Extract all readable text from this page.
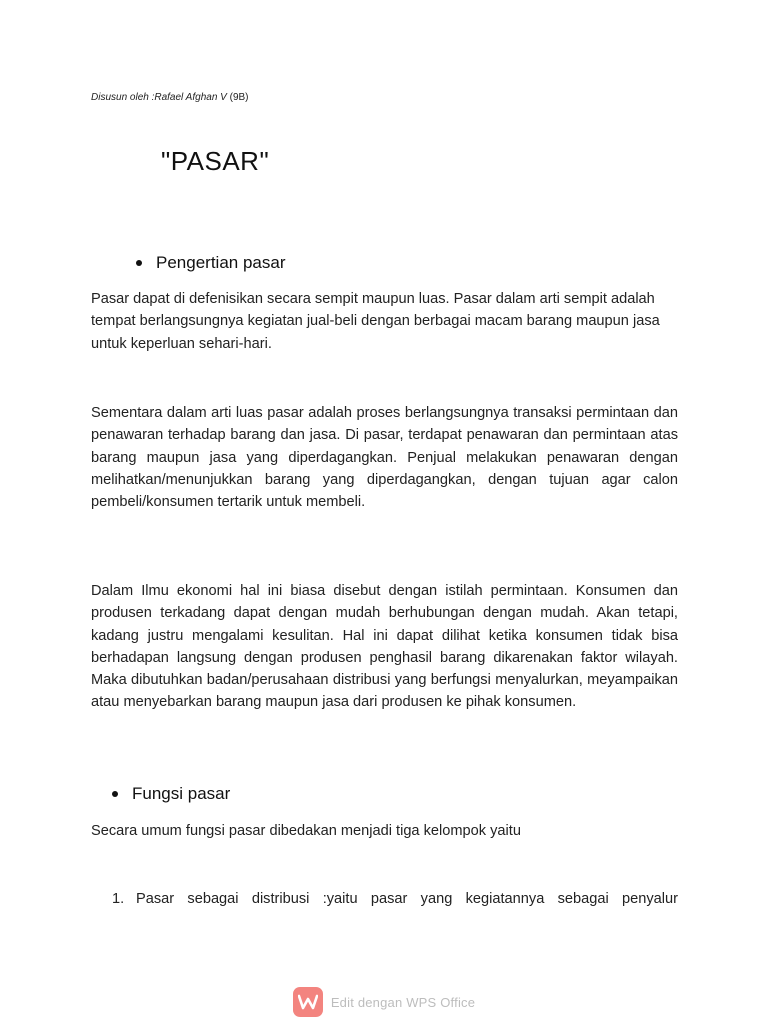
Disusun oleh :Rafael Afghan V (9B)
"PASAR"
Pengertian pasar

Pasar dapat di defenisikan secara sempit maupun luas. Pasar dalam arti sempit adalah tempat berlangsungnya kegiatan jual-beli dengan berbagai macam barang maupun jasa untuk keperluan sehari-hari.

Sementara dalam arti luas pasar adalah proses berlangsungnya transaksi permintaan dan penawaran terhadap barang dan jasa. Di pasar, terdapat penawaran dan permintaan atas barang maupun jasa yang diperdagangkan. Penjual melakukan penawaran dengan melihatkan/menunjukkan barang yang diperdagangkan, dengan tujuan agar calon pembeli/konsumen tertarik untuk membeli.

Dalam Ilmu ekonomi hal ini biasa disebut dengan istilah permintaan. Konsumen dan produsen terkadang dapat dengan mudah berhubungan dengan mudah. Akan tetapi, kadang justru mengalami kesulitan. Hal ini dapat dilihat ketika konsumen tidak bisa berhadapan langsung dengan produsen penghasil barang dikarenakan faktor wilayah. Maka dibutuhkan badan/perusahaan distribusi yang berfungsi menyalurkan, meyampaikan atau menyebarkan barang maupun jasa dari produsen ke pihak konsumen.

Fungsi pasar

Secara umum fungsi pasar dibedakan menjadi tiga kelompok yaitu

1. Pasar sebagai distribusi :yaitu pasar yang kegiatannya sebagai penyalur
Edit dengan WPS Office
